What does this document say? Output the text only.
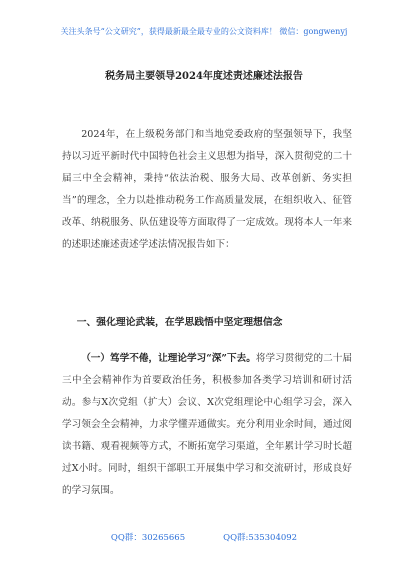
关注头条号“公文研究”，获得最新最全最专业的公文资料库！ 微信：gongwenyj
税务局主要领导2024年度述责述廉述法报告

2024年，在上级税务部门和当地党委政府的坚强领导下，我坚持以习近平新时代中国特色社会主义思想为指导，深入贯彻党的二十届三中全会精神，秉持“依法治税、服务大局、改革创新、务实担当”的理念，全力以赴推动税务工作高质量发展，在组织收入、征管改革、纳税服务、队伍建设等方面取得了一定成效。现将本人一年来的述职述廉述责述学述法情况报告如下：

一、强化理论武装，在学思践悟中坚定理想信念

（一）笃学不倦，让理论学习“深”下去。将学习贯彻党的二十届三中全会精神作为首要政治任务，积极参加各类学习培训和研讨活动。参与X次党组（扩大）会议、X次党组理论中心组学习会，深入学习领会全会精神，力求学懂弄通做实。充分利用业余时间，通过阅读书籍、观看视频等方式，不断拓宽学习渠道，全年累计学习时长超过X小时。同时，组织干部职工开展集中学习和交流研讨，形成良好的学习氛围。

QQ群：30265665	QQ群:535304092
